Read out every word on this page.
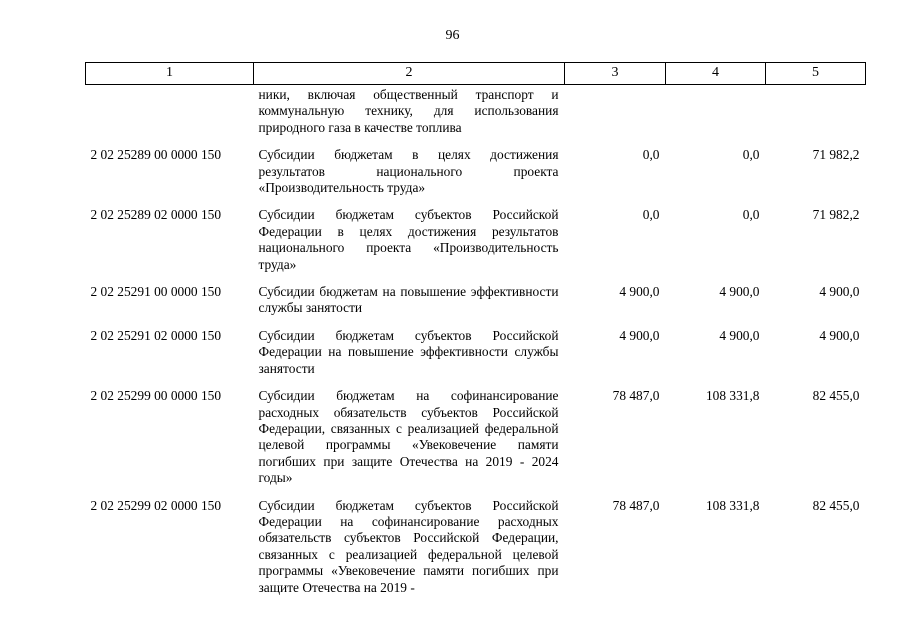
96
1	2	3	4	5
	ники, включая общественный транспорт и коммунальную технику, для использования природного газа в качестве топлива			
2 02 25289 00 0000 150	Субсидии бюджетам в целях достижения результатов национального проекта «Производительность труда»	0,0	0,0	71 982,2
2 02 25289 02 0000 150	Субсидии бюджетам субъектов Российской Федерации в целях достижения результатов национального проекта «Производительность труда»	0,0	0,0	71 982,2
2 02 25291 00 0000 150	Субсидии бюджетам на повышение эффективности службы занятости	4 900,0	4 900,0	4 900,0
2 02 25291 02 0000 150	Субсидии бюджетам субъектов Российской Федерации на повышение эффективности службы занятости	4 900,0	4 900,0	4 900,0
2 02 25299 00 0000 150	Субсидии бюджетам на софинансирование расходных обязательств субъектов Российской Федерации, связанных с реализацией федеральной целевой программы «Увековечение памяти погибших при защите Отечества на 2019 - 2024 годы»	78 487,0	108 331,8	82 455,0
2 02 25299 02 0000 150	Субсидии бюджетам субъектов Российской Федерации на софинансирование расходных обязательств субъектов Российской Федерации, связанных с реализацией федеральной целевой программы «Увековечение памяти погибших при защите Отечества на 2019 -	78 487,0	108 331,8	82 455,0
